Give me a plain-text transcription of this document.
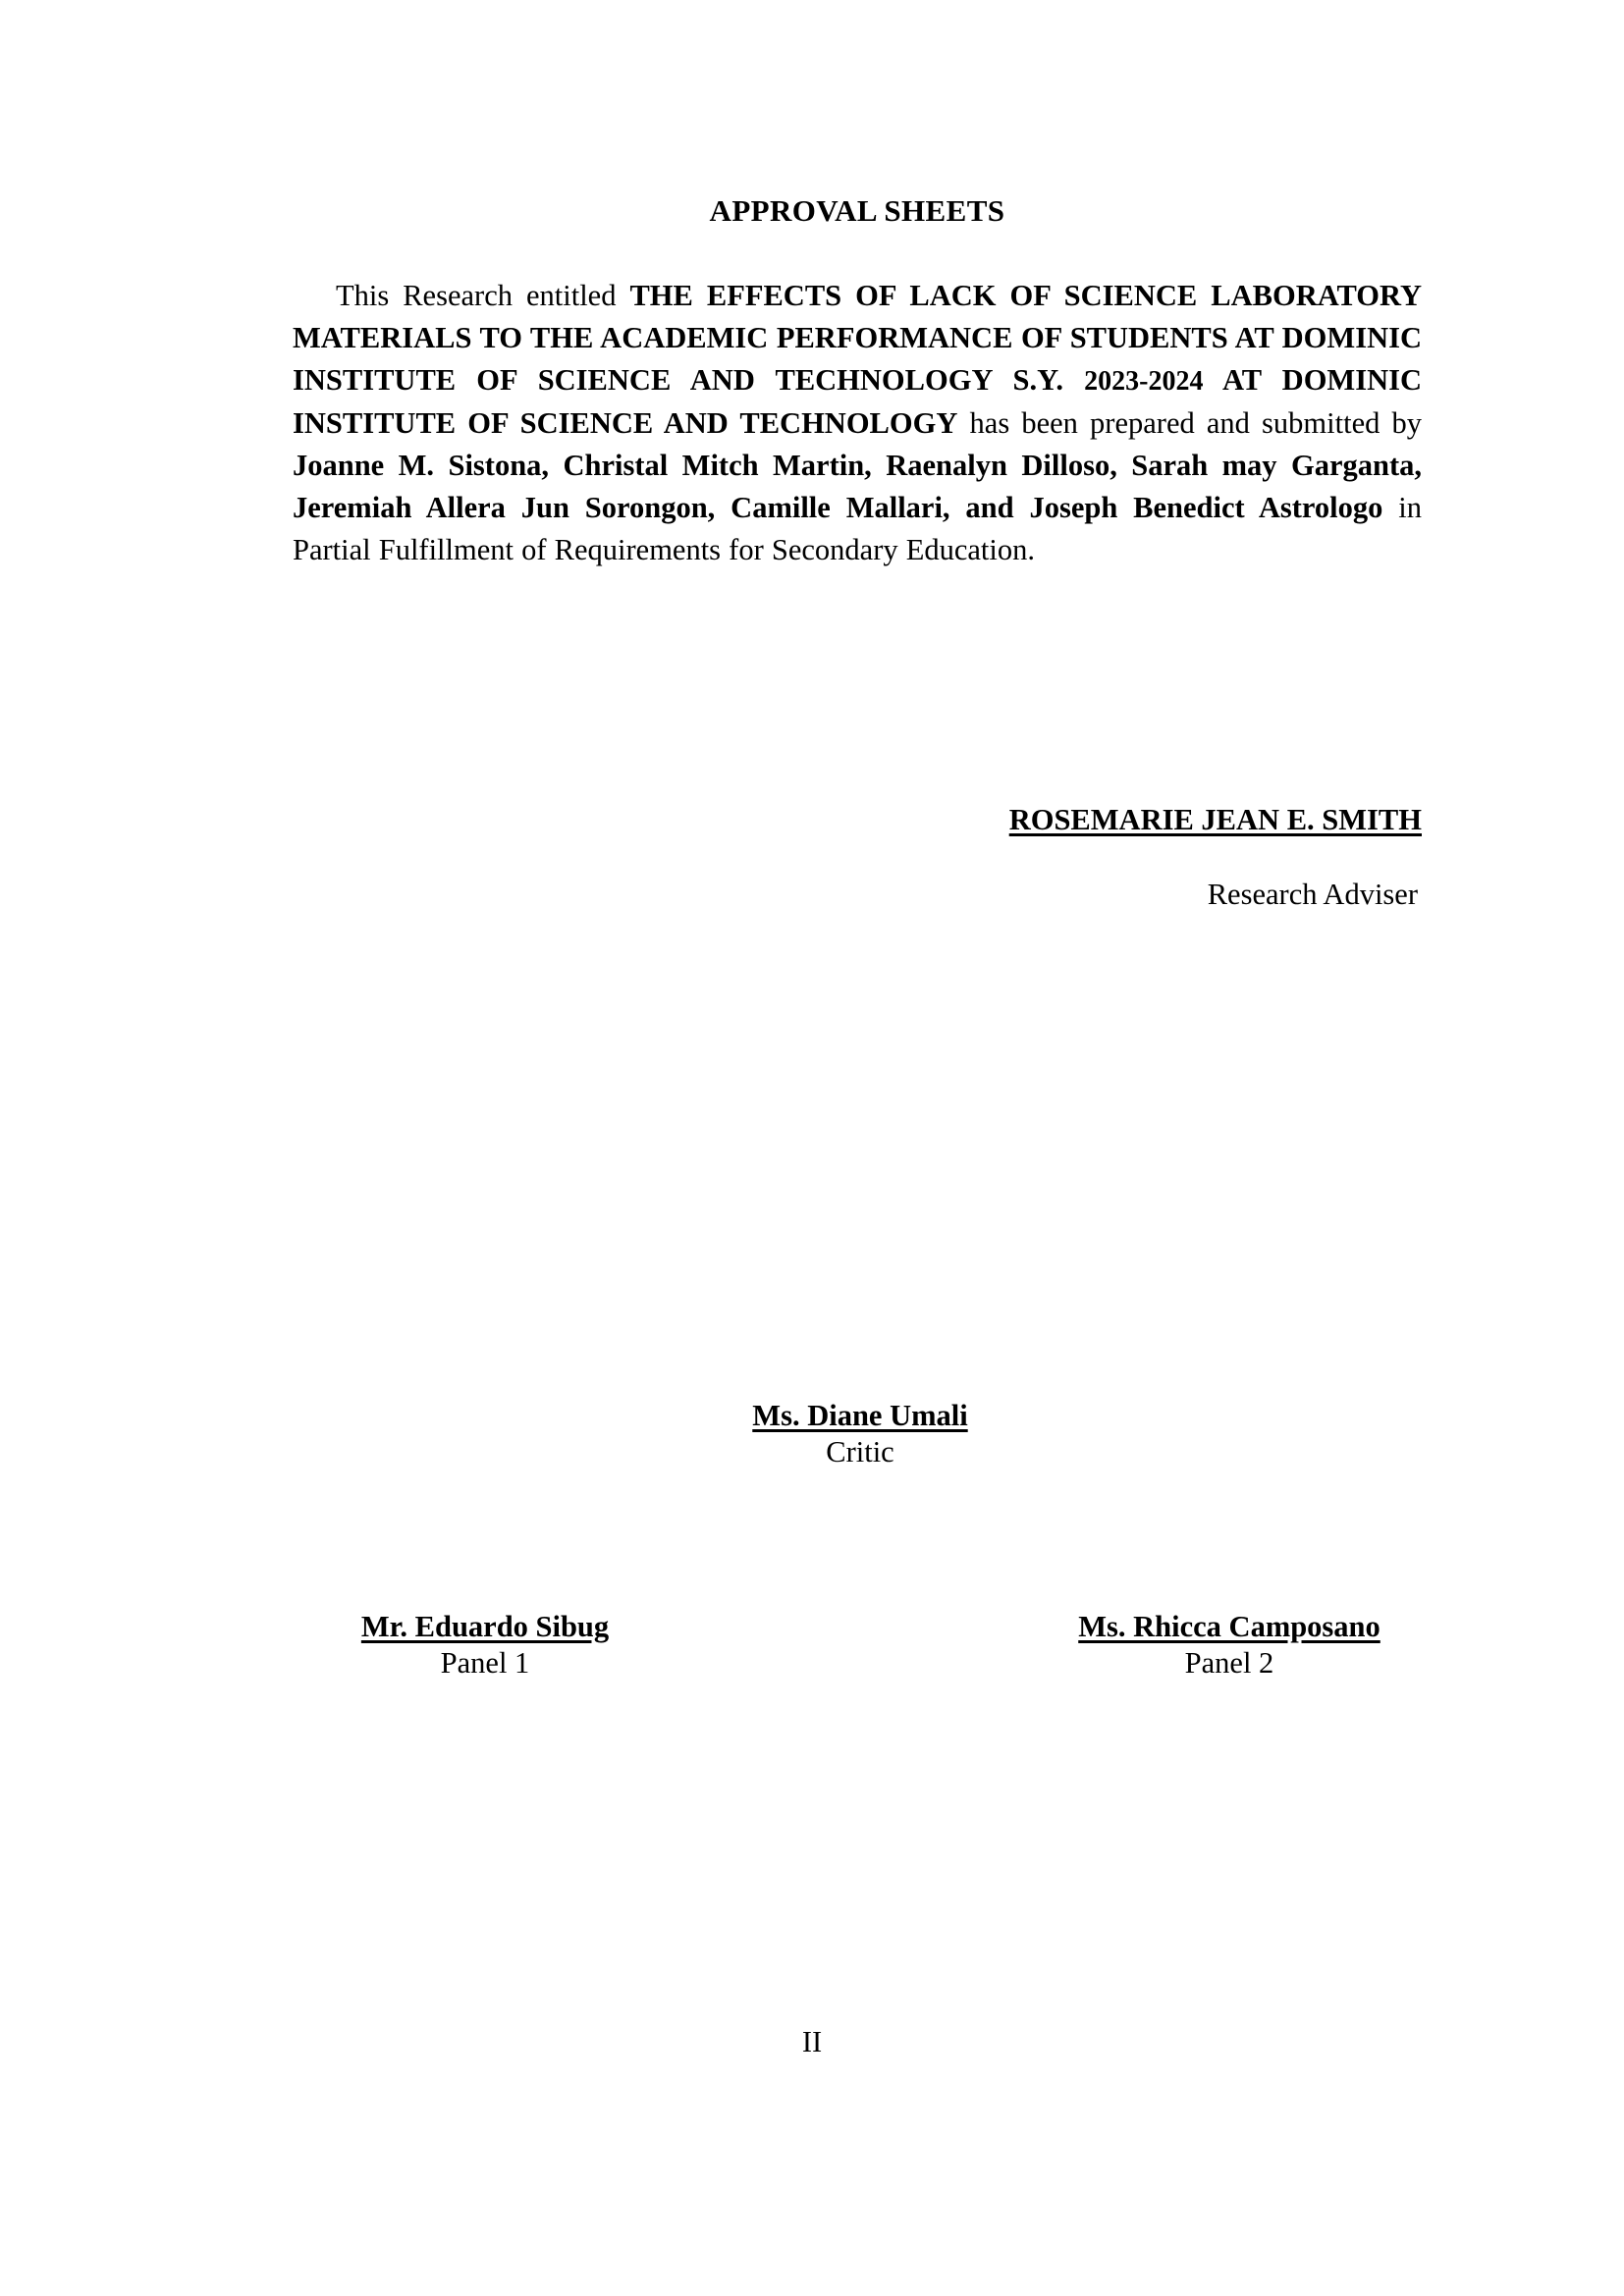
APPROVAL SHEETS

This Research entitled THE EFFECTS OF LACK OF SCIENCE LABORATORY MATERIALS TO THE ACADEMIC PERFORMANCE OF STUDENTS AT DOMINIC INSTITUTE OF SCIENCE AND TECHNOLOGY S.Y. 2023-2024 AT DOMINIC INSTITUTE OF SCIENCE AND TECHNOLOGY has been prepared and submitted by Joanne M. Sistona, Christal Mitch Martin, Raenalyn Dilloso, Sarah may Garganta, Jeremiah Allera Jun Sorongon, Camille Mallari, and Joseph Benedict Astrologo in Partial Fulfillment of Requirements for Secondary Education.

ROSEMARIE JEAN E. SMITH
Research Adviser
Ms. Diane Umali
Critic
Mr. Eduardo Sibug
Panel 1
Ms. Rhicca Camposano
Panel 2
II
